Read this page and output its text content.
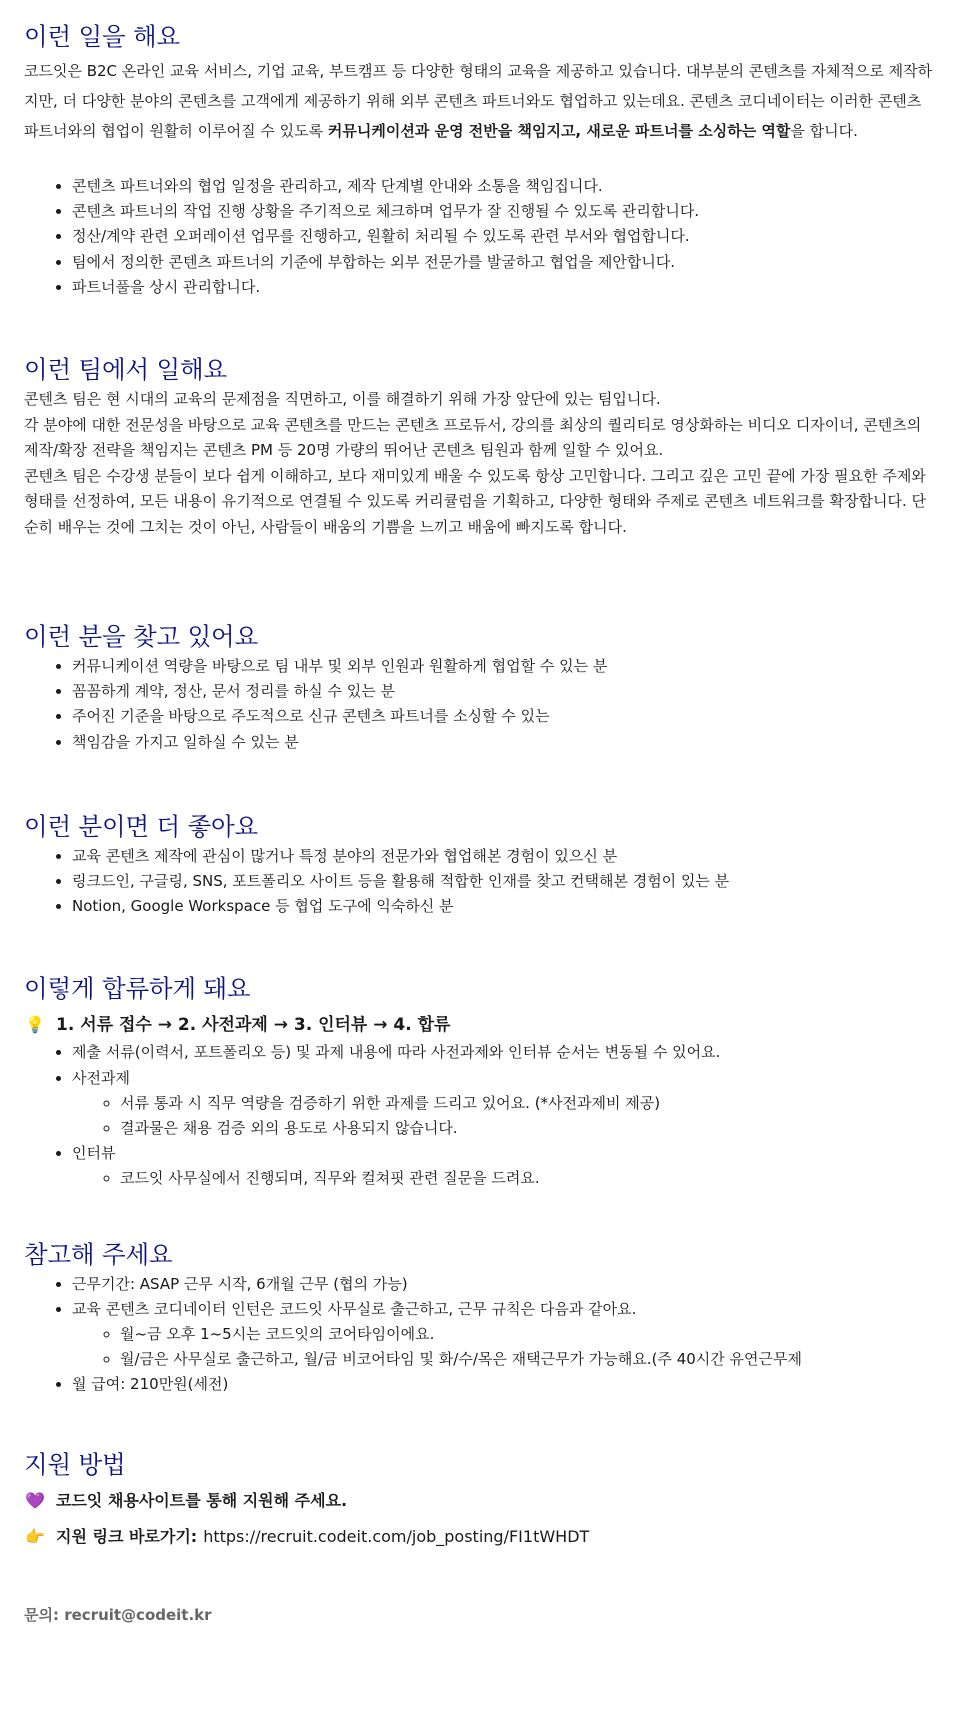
이런 일을 해요

코드잇은 B2C 온라인 교육 서비스, 기업 교육, 부트캠프 등 다양한 형태의 교육을 제공하고 있습니다. 대부분의 콘텐츠를 자체적으로 제작하지만, 더 다양한 분야의 콘텐츠를 고객에게 제공하기 위해 외부 콘텐츠 파트너와도 협업하고 있는데요. 콘텐츠 코디네이터는 이러한 콘텐츠 파트너와의 협업이 원활히 이루어질 수 있도록 커뮤니케이션과 운영 전반을 책임지고, 새로운 파트너를 소싱하는 역할을 합니다.

• 콘텐츠 파트너와의 협업 일정을 관리하고, 제작 단계별 안내와 소통을 책임집니다.
• 콘텐츠 파트너의 작업 진행 상황을 주기적으로 체크하며 업무가 잘 진행될 수 있도록 관리합니다.
• 정산/계약 관련 오퍼레이션 업무를 진행하고, 원활히 처리될 수 있도록 관련 부서와 협업합니다.
• 팀에서 정의한 콘텐츠 파트너의 기준에 부합하는 외부 전문가를 발굴하고 협업을 제안합니다.
• 파트너풀을 상시 관리합니다.
이런 팀에서 일해요

콘텐츠 팀은 현 시대의 교육의 문제점을 직면하고, 이를 해결하기 위해 가장 앞단에 있는 팀입니다.

각 분야에 대한 전문성을 바탕으로 교육 콘텐츠를 만드는 콘텐츠 프로듀서, 강의를 최상의 퀄리티로 영상화하는 비디오 디자이너, 콘텐츠의 제작/확장 전략을 책임지는 콘텐츠 PM 등 20명 가량의 뛰어난 콘텐츠 팀원과 함께 일할 수 있어요.

콘텐츠 팀은 수강생 분들이 보다 쉽게 이해하고, 보다 재미있게 배울 수 있도록 항상 고민합니다. 그리고 깊은 고민 끝에 가장 필요한 주제와 형태를 선정하여, 모든 내용이 유기적으로 연결될 수 있도록 커리큘럼을 기획하고, 다양한 형태와 주제로 콘텐츠 네트워크를 확장합니다. 단순히 배우는 것에 그치는 것이 아닌, 사람들이 배움의 기쁨을 느끼고 배움에 빠지도록 합니다.

이런 분을 찾고 있어요
• 커뮤니케이션 역량을 바탕으로 팀 내부 및 외부 인원과 원활하게 협업할 수 있는 분
• 꼼꼼하게 계약, 정산, 문서 정리를 하실 수 있는 분
• 주어진 기준을 바탕으로 주도적으로 신규 콘텐츠 파트너를 소싱할 수 있는
• 책임감을 가지고 일하실 수 있는 분
이런 분이면 더 좋아요
• 교육 콘텐츠 제작에 관심이 많거나 특정 분야의 전문가와 협업해본 경험이 있으신 분
• 링크드인, 구글링, SNS, 포트폴리오 사이트 등을 활용해 적합한 인재를 찾고 컨택해본 경험이 있는 분
• Notion, Google Workspace 등 협업 도구에 익숙하신 분
이렇게 합류하게 돼요
💡 1. 서류 접수 → 2. 사전과제 → 3. 인터뷰 → 4. 합류
• 제출 서류(이력서, 포트폴리오 등) 및 과제 내용에 따라 사전과제와 인터뷰 순서는 변동될 수 있어요.
• 사전과제
◦ 서류 통과 시 직무 역량을 검증하기 위한 과제를 드리고 있어요. (*사전과제비 제공)
◦ 결과물은 채용 검증 외의 용도로 사용되지 않습니다.
• 인터뷰
◦ 코드잇 사무실에서 진행되며, 직무와 컬쳐핏 관련 질문을 드려요.
참고해 주세요
• 근무기간: ASAP 근무 시작, 6개월 근무 (협의 가능)
• 교육 콘텐츠 코디네이터 인턴은 코드잇 사무실로 출근하고, 근무 규칙은 다음과 같아요.
◦ 월~금 오후 1~5시는 코드잇의 코어타임이에요.
◦ 월/금은 사무실로 출근하고, 월/금 비코어타임 및 화/수/목은 재택근무가 가능해요.(주 40시간 유연근무제
• 월 급여: 210만원(세전)
지원 방법
💜 코드잇 채용사이트를 통해 지원해 주세요.
👉 지원 링크 바로가기: https://recruit.codeit.com/job_posting/FI1tWHDT
문의: recruit@codeit.kr
